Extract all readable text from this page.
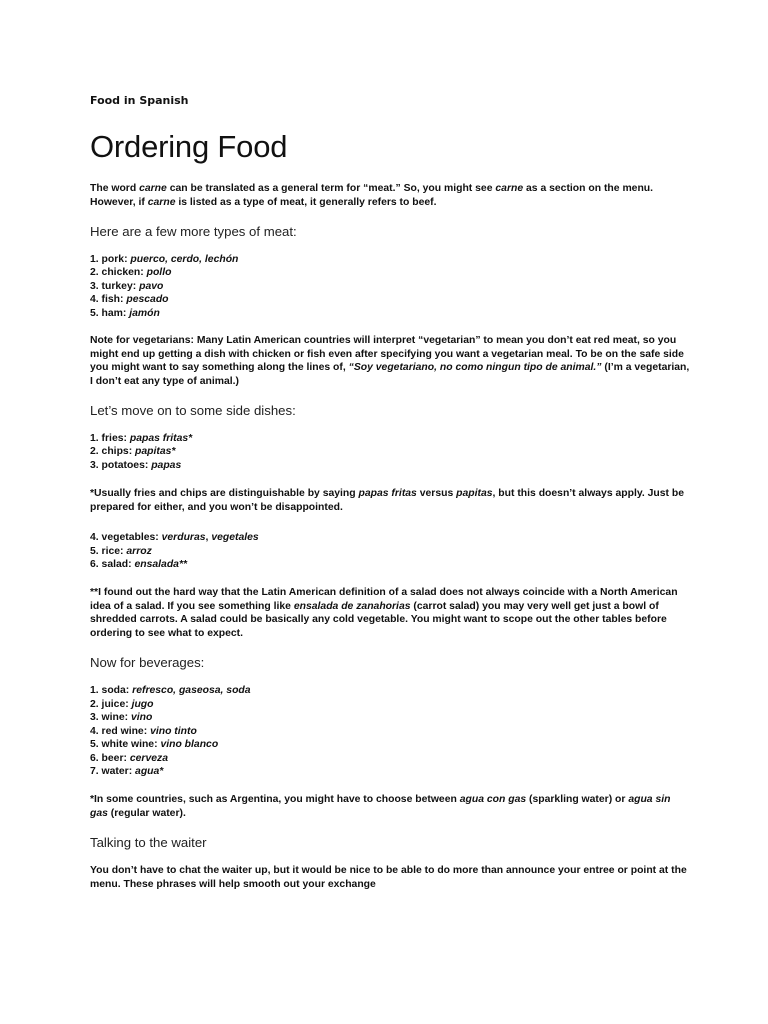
Food in Spanish

Ordering Food

The word carne can be translated as a general term for “meat.” So, you might see carne as a section on the menu. However, if carne is listed as a type of meat, it generally refers to beef.

Here are a few more types of meat:

1. pork: puerco, cerdo, lechón
2. chicken: pollo
3. turkey: pavo
4. fish: pescado
5. ham: jamón

Note for vegetarians: Many Latin American countries will interpret “vegetarian” to mean you don’t eat red meat, so you might end up getting a dish with chicken or fish even after specifying you want a vegetarian meal. To be on the safe side you might want to say something along the lines of, “Soy vegetariano, no como ningun tipo de animal.” (I’m a vegetarian, I don’t eat any type of animal.)

Let’s move on to some side dishes:

1. fries: papas fritas*
2. chips: papitas*
3. potatoes: papas

*Usually fries and chips are distinguishable by saying papas fritas versus papitas, but this doesn’t always apply. Just be prepared for either, and you won’t be disappointed.

4. vegetables: verduras, vegetales
5. rice: arroz
6. salad: ensalada**

**I found out the hard way that the Latin American definition of a salad does not always coincide with a North American idea of a salad. If you see something like ensalada de zanahorias (carrot salad) you may very well get just a bowl of shredded carrots. A salad could be basically any cold vegetable. You might want to scope out the other tables before ordering to see what to expect.

Now for beverages:

1. soda: refresco, gaseosa, soda
2. juice: jugo
3. wine: vino
4. red wine: vino tinto
5. white wine: vino blanco
6. beer: cerveza
7. water: agua*

*In some countries, such as Argentina, you might have to choose between agua con gas (sparkling water) or agua sin gas (regular water).

Talking to the waiter

You don’t have to chat the waiter up, but it would be nice to be able to do more than announce your entree or point at the menu. These phrases will help smooth out your exchange
